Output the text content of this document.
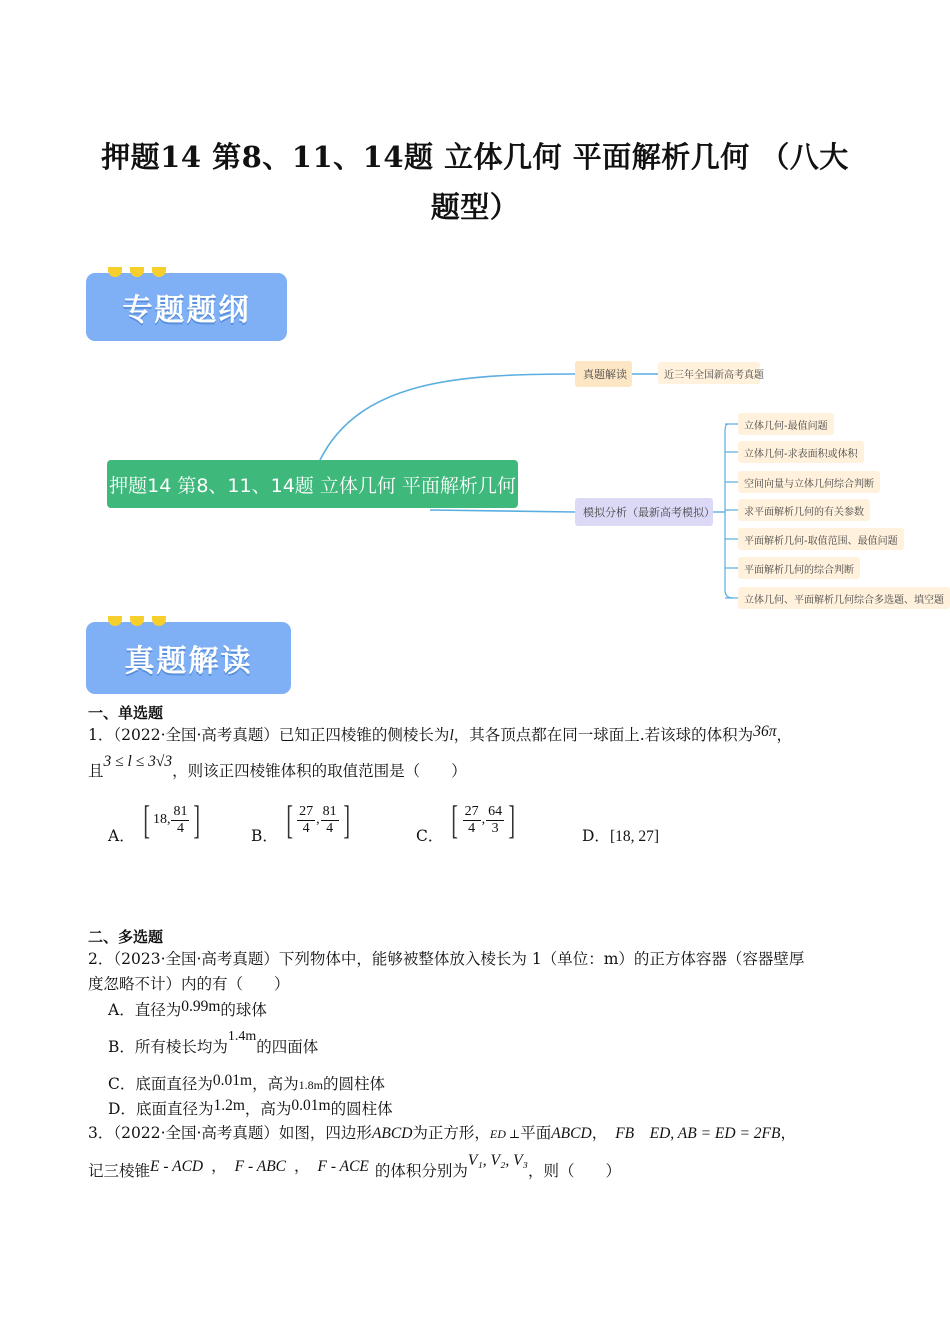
押题14 第8、11、14题 立体几何 平面解析几何 （八大题型）
专题题纲
押题14 第8、11、14题 立体几何 平面解析几何
真题解读	近三年全国新高考真题
模拟分析（最新高考模拟）
立体几何-最值问题
立体几何-求表面积或体积
空间向量与立体几何综合判断
求平面解析几何的有关参数
平面解析几何-取值范围、最值问题
平面解析几何的综合判断
立体几何、平面解析几何综合多选题、填空题
真题解读
一、单选题
1．（2022·全国·高考真题）已知正四棱锥的侧棱长为l，其各顶点都在同一球面上.若该球的体积为36π，
且3 ≤ l ≤ 3√3，则该正四棱锥体积的取值范围是（　　）
A． [ 18, $\frac{81}{4}$ ]	B． [ $\frac{27}{4}$ , $\frac{81}{4}$ ]	C． [ $\frac{27}{4}$ , $\frac{64}{3}$ ]	D．[18, 27]
二、多选题
2．（2023·全国·高考真题）下列物体中，能够被整体放入棱长为 1（单位：m）的正方体容器（容器壁厚
度忽略不计）内的有（　　）
A．直径为0.99m的球体
B．所有棱长均为1.4m的四面体
C．底面直径为0.01m，高为1.8m的圆柱体
D．底面直径为1.2m，高为0.01m的圆柱体
3．（2022·全国·高考真题）如图，四边形ABCD为正方形，ED ⊥平面ABCD， FB　ED, AB = ED = 2FB，
记三棱锥E - ACD ， F - ABC ， F - ACE 的体积分别为V₁, V₂, V₃，则（　　）
